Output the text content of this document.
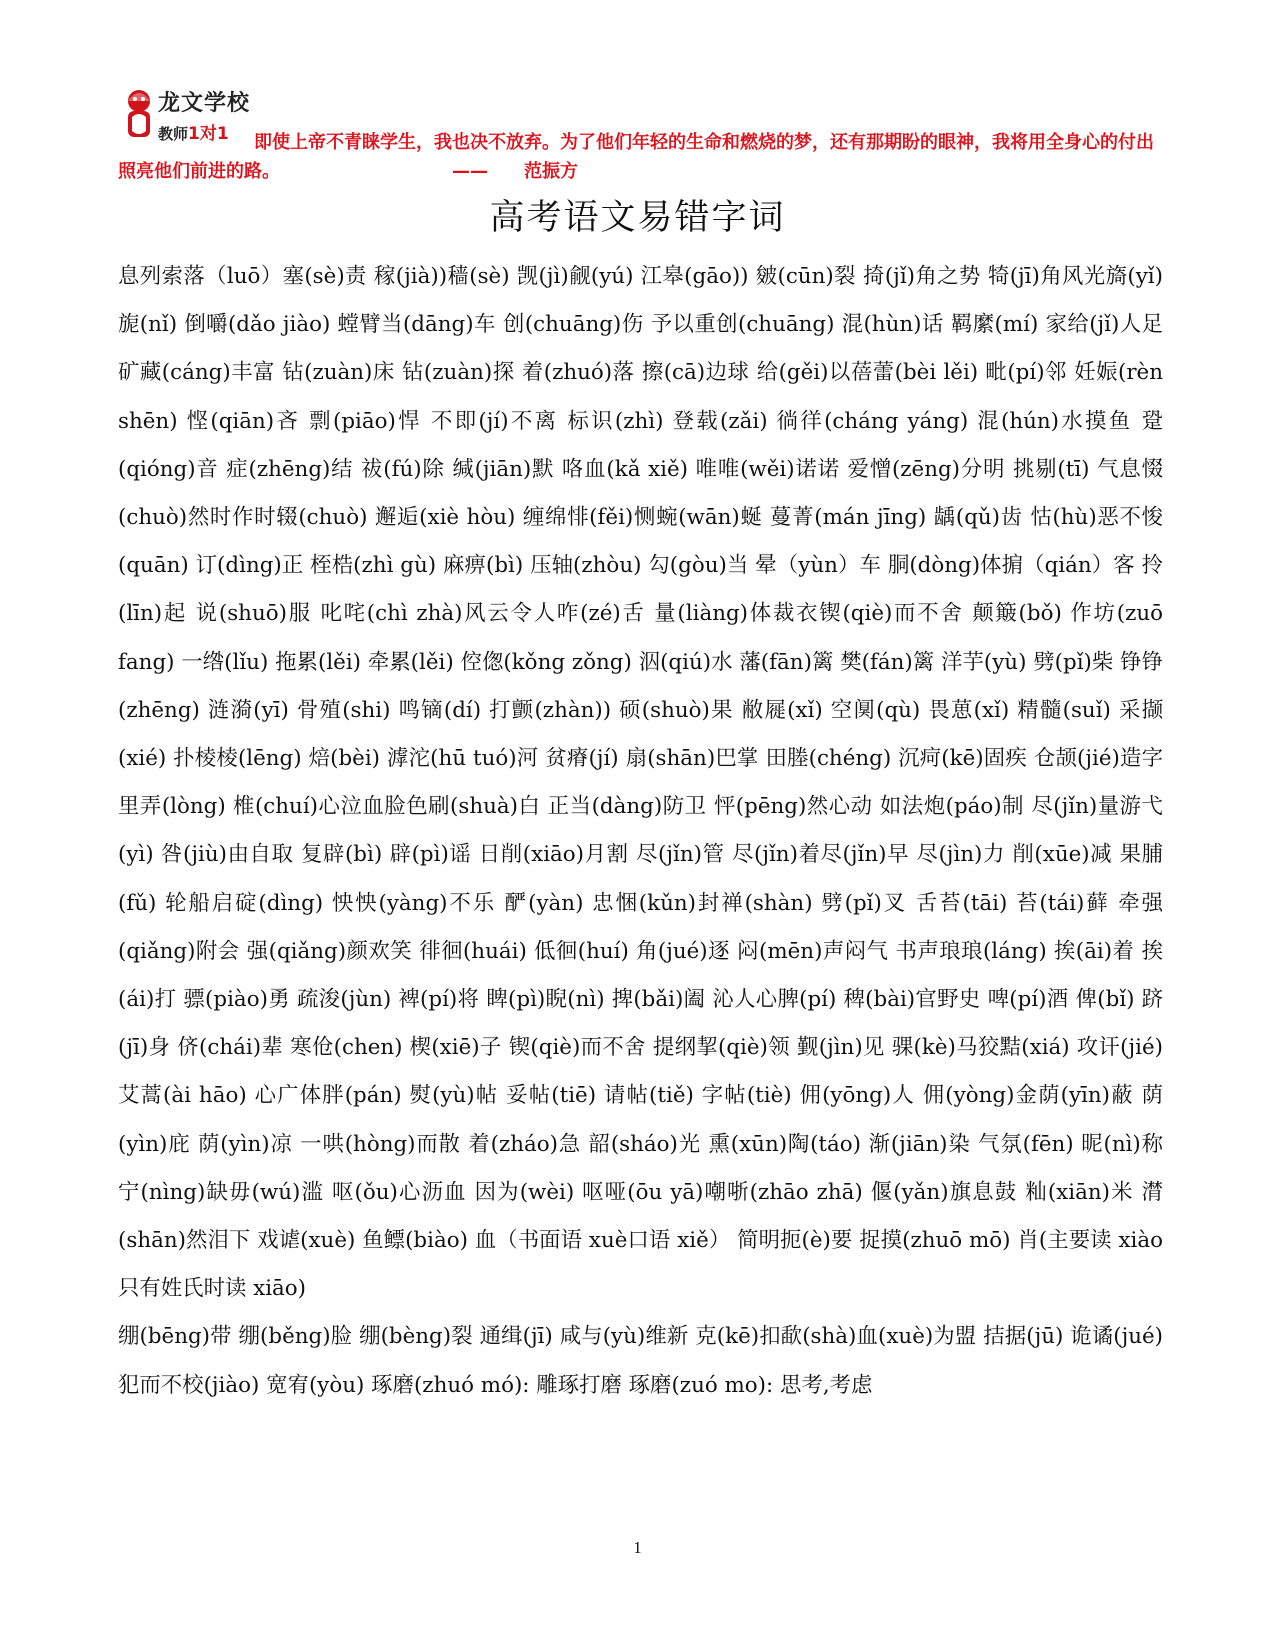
龙文学校
教师1对1	即使上帝不青睐学生，我也决不放弃。为了他们年轻的生命和燃烧的梦，还有那期盼的眼神，我将用全身心的付出照亮他们前进的路。	—— 范振方
高考语文易错字词
息列索落（luō）塞(sè)责 稼(jià))穑(sè) 觊(jì)觎(yú) 江皋(gāo)) 皴(cūn)裂 掎(jǐ)角之势 犄(jī)角风光旖(yǐ)旎(nǐ) 倒嚼(dǎo jiào) 螳臂当(dāng)车 创(chuāng)伤 予以重创(chuāng) 混(hùn)话 羁縻(mí) 家给(jǐ)人足 矿藏(cáng)丰富 钻(zuàn)床 钻(zuàn)探 着(zhuó)落 擦(cā)边球 给(gěi)以蓓蕾(bèi lěi) 毗(pí)邻 妊娠(rèn shēn) 悭(qiān)吝 剽(piāo)悍 不即(jí)不离 标识(zhì) 登载(zǎi) 徜徉(cháng yáng) 混(hún)水摸鱼 跫(qióng)音 症(zhēng)结 祓(fú)除 缄(jiān)默 咯血(kǎ xiě) 唯唯(wěi)诺诺 爱憎(zēng)分明 挑剔(tī) 气息惙(chuò)然时作时辍(chuò) 邂逅(xiè hòu) 缠绵悱(fěi)恻蜿(wān)蜒 蔓菁(mán jīng) 龋(qǔ)齿 怙(hù)恶不悛(quān) 订(dìng)正 桎梏(zhì gù) 麻痹(bì) 压轴(zhòu) 勾(gòu)当 晕（yùn）车 胴(dòng)体掮（qián）客 拎(līn)起 说(shuō)服 叱咤(chì zhà)风云令人咋(zé)舌 量(liàng)体裁衣锲(qiè)而不舍 颠簸(bǒ) 作坊(zuō fang) 一绺(lǐu) 拖累(lěi) 牵累(lěi) 倥偬(kǒng zǒng) 泅(qiú)水 藩(fān)篱 樊(fán)篱 洋芋(yù) 劈(pǐ)柴 铮铮(zhēng) 涟漪(yī) 骨殖(shi) 鸣镝(dí) 打颤(zhàn)) 硕(shuò)果 敝屣(xǐ) 空阒(qù) 畏葸(xǐ) 精髓(suǐ) 采撷(xié) 扑棱棱(lēng) 焙(bèi) 滹沱(hū tuó)河 贫瘠(jí) 扇(shān)巴掌 田塍(chéng) 沉疴(kē)固疾 仓颉(jié)造字 里弄(lòng) 椎(chuí)心泣血脸色刷(shuà)白 正当(dàng)防卫 怦(pēng)然心动 如法炮(páo)制 尽(jǐn)量游弋(yì) 咎(jiù)由自取 复辟(bì) 辟(pì)谣 日削(xiāo)月割 尽(jǐn)管 尽(jǐn)着尽(jǐn)早 尽(jìn)力 削(xūe)减 果脯(fǔ) 轮船启碇(dìng) 怏怏(yàng)不乐 酽(yàn) 忠悃(kǔn)封禅(shàn) 劈(pǐ)叉 舌苔(tāi) 苔(tái)藓 牵强(qiǎng)附会 强(qiǎng)颜欢笑 徘徊(huái) 低徊(huí) 角(jué)逐 闷(mēn)声闷气 书声琅琅(láng) 挨(āi)着 挨(ái)打 骠(piào)勇 疏浚(jùn) 裨(pí)将 睥(pì)睨(nì) 捭(bǎi)阖 沁人心脾(pí) 稗(bài)官野史 啤(pí)酒 俾(bǐ) 跻(jī)身 侪(chái)辈 寒伧(chen) 楔(xiē)子 锲(qiè)而不舍 提纲挈(qiè)领 觐(jìn)见 骒(kè)马狡黠(xiá) 攻讦(jié) 艾蒿(ài hāo) 心广体胖(pán) 熨(yù)帖 妥帖(tiē) 请帖(tiě) 字帖(tiè) 佣(yōng)人 佣(yòng)金荫(yīn)蔽 荫(yìn)庇 荫(yìn)凉 一哄(hòng)而散 着(zháo)急 韶(sháo)光 熏(xūn)陶(táo) 渐(jiān)染 气氛(fēn) 昵(nì)称 宁(nìng)缺毋(wú)滥 呕(ǒu)心沥血 因为(wèi) 呕哑(ōu yā)嘲哳(zhāo zhā) 偃(yǎn)旗息鼓 籼(xiān)米 潸(shān)然泪下 戏谑(xuè) 鱼鳔(biào) 血（书面语 xuè口语 xiě） 简明扼(è)要 捉摸(zhuō mō) 肖(主要读 xiào 只有姓氏时读 xiāo)
绷(bēng)带 绷(běng)脸 绷(bèng)裂 通缉(jī) 咸与(yù)维新 克(kē)扣歃(shà)血(xuè)为盟 拮据(jū) 诡谲(jué) 犯而不校(jiào) 宽宥(yòu) 琢磨(zhuó mó): 雕琢打磨 琢磨(zuó mo): 思考,考虑
1
